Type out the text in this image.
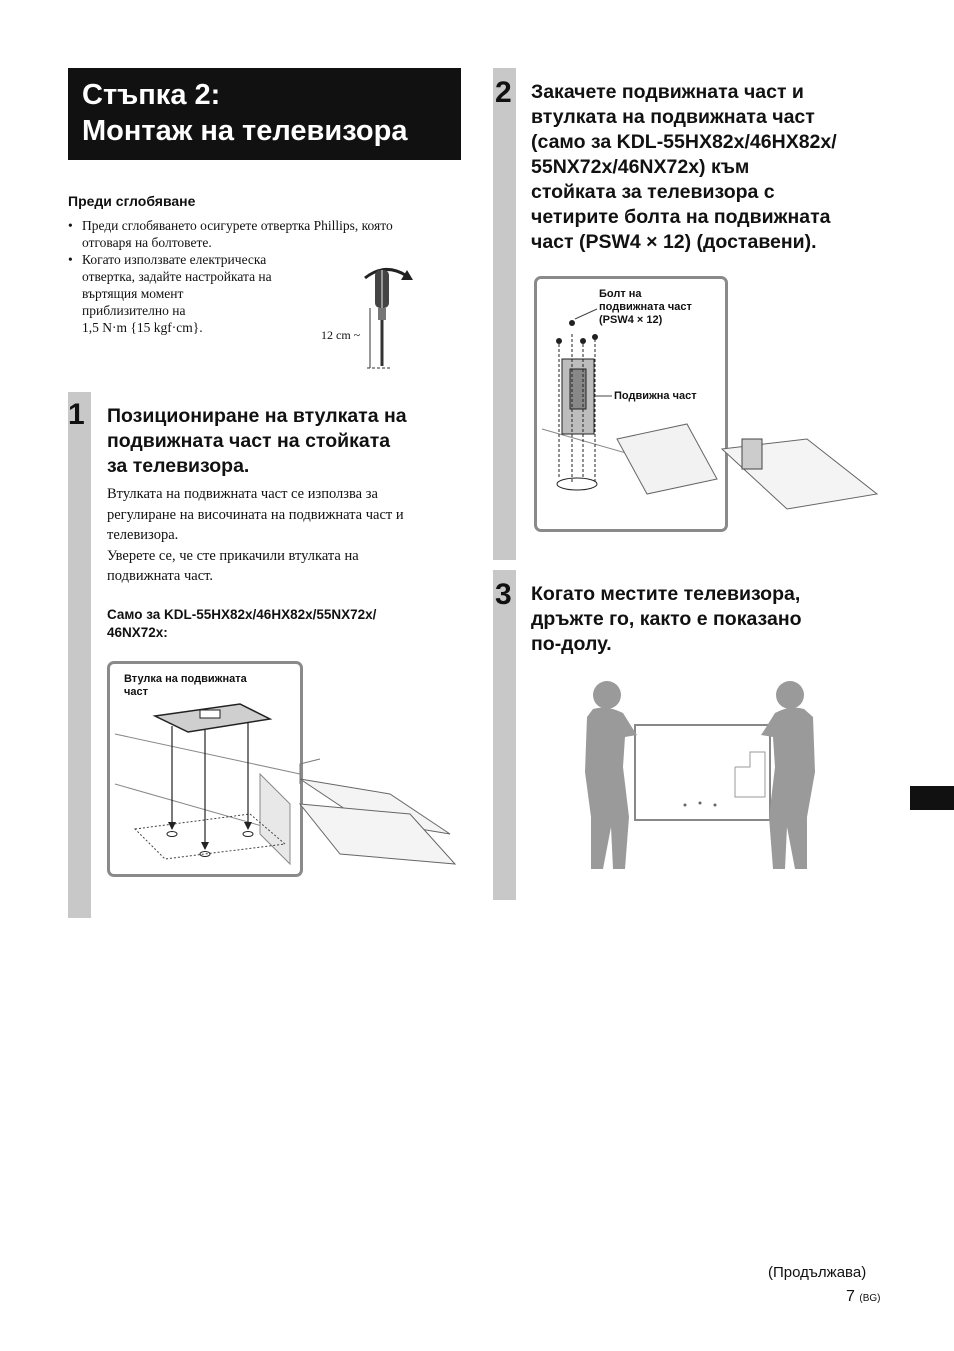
Стъпка 2:
Монтаж на телевизора
Преди сглобяване
• Преди сглобяването осигурете отвертка Phillips, която
отговаря на болтовете.
• Когато използвате електрическа
отвертка, задайте настройката на
въртящия момент
приблизително на
1,5 N·m {15 kgf·cm}.	12 cm ~
1 Позициониране на втулката на
подвижната част на стойката
за телевизора.
Втулката на подвижната част се използва за
регулиране на височината на подвижната част и
телевизора.
Уверете се, че сте прикачили втулката на
подвижната част.
Само за KDL-55HX82x/46HX82x/55NX72x/
46NX72x:
Втулка на подвижната
част
2 Закачете подвижната част и
втулката на подвижната част
(само за KDL-55HX82x/46HX82x/
55NX72x/46NX72x) към
стойката за телевизора с
четирите болта на подвижната
част (PSW4 × 12) (доставени).
Болт на
подвижната част
(PSW4 × 12)
Подвижна част
3 Когато местите телевизора,
дръжте го, както е показано
по-долу.
(Продължава)
7 (BG)
